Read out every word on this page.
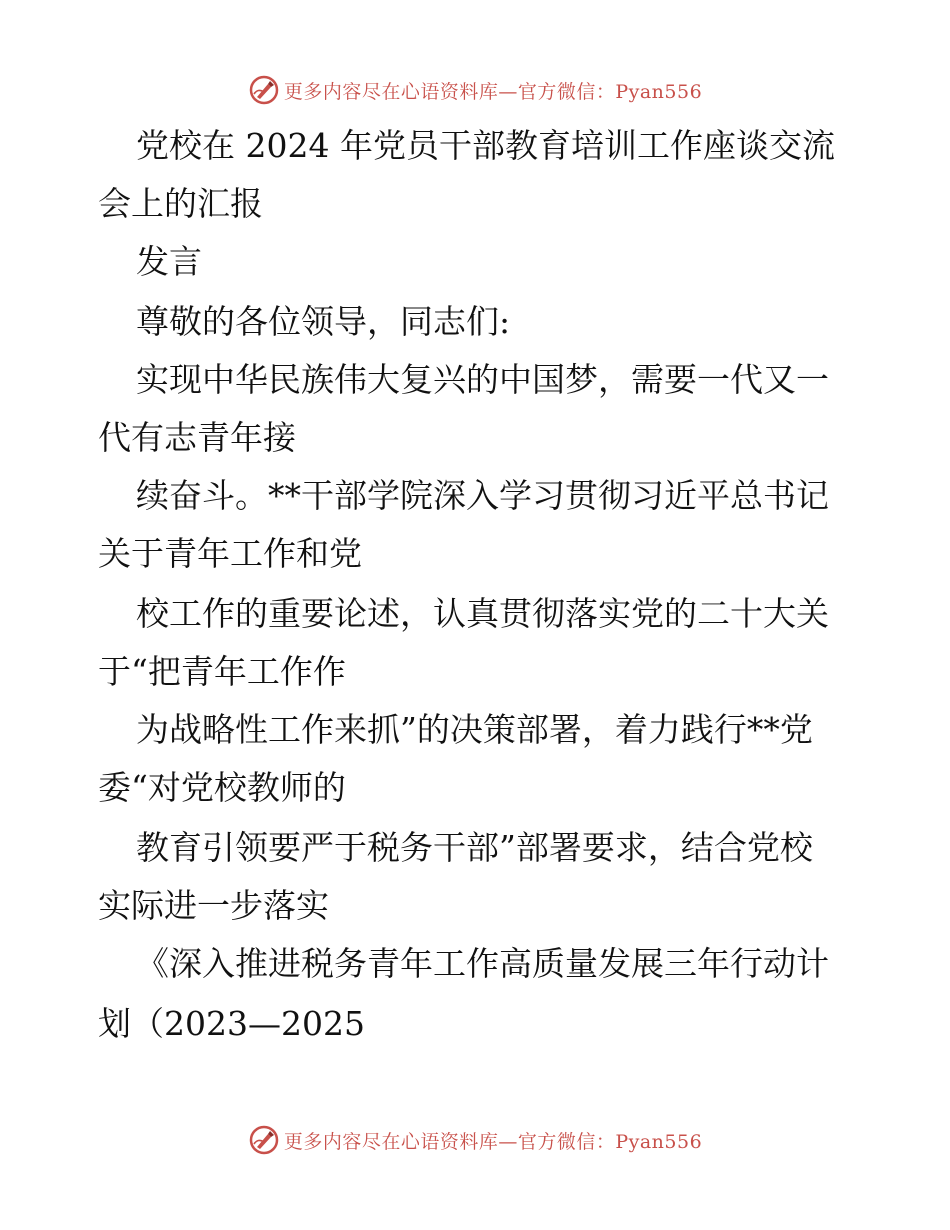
更多内容尽在心语资料库—官方微信：Pyan556
党校在 2024 年党员干部教育培训工作座谈交流
会上的汇报
发言
尊敬的各位领导，同志们:
实现中华民族伟大复兴的中国梦，需要一代又一
代有志青年接
续奋斗。**干部学院深入学习贯彻习近平总书记
关于青年工作和党
校工作的重要论述，认真贯彻落实党的二十大关
于“把青年工作作
为战略性工作来抓”的决策部署，着力践行**党
委“对党校教师的
教育引领要严于税务干部”部署要求，结合党校
实际进一步落实
《深入推进税务青年工作高质量发展三年行动计
划（2023—2025
更多内容尽在心语资料库—官方微信：Pyan556
